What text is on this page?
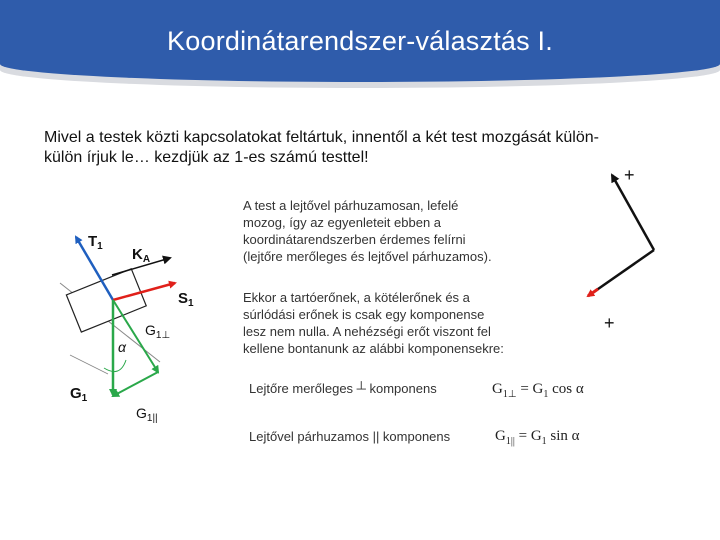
Koordinátarendszer-választás I.
Mivel a testek közti kapcsolatokat feltártuk, innentől a két test mozgását külön-
külön írjuk le… kezdjük az 1-es számú testtel!
$T_1$ $K_A$
$S_1$
α
$G_{1\perp}$
$G_1$
$G_{1||}$
+
+
A test a lejtővel párhuzamosan, lefelé
mozog, így az egyenleteit ebben a
koordinátarendszerben érdemes felírni
(lejtőre merőleges és lejtővel párhuzamos).
Ekkor a tartóerőnek, a kötélerőnek és a
súrlódási erőnek is csak egy komponense
lesz nem nulla. A nehézségi erőt viszont fel
kellene bontanunk az alábbi komponensekre:
Lejtőre merőleges ┴ komponens
Lejtővel párhuzamos || komponens
$G_{1\perp} = G_1$ cos α
$G_{1||} = G_1$ sin α
